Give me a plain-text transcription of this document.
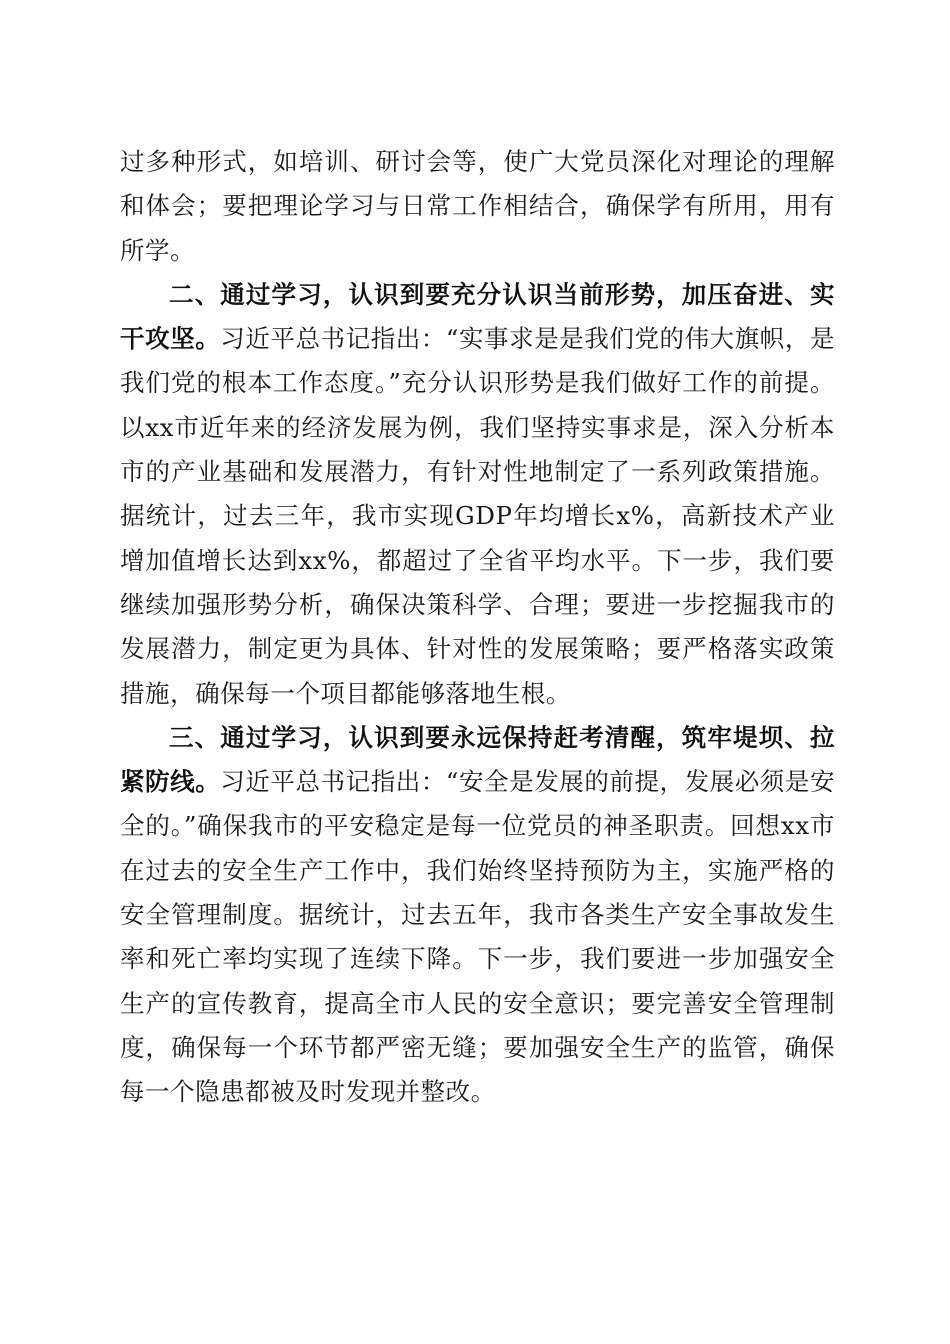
过多种形式，如培训、研讨会等，使广大党员深化对理论的理解和体会；要把理论学习与日常工作相结合，确保学有所用，用有所学。

二、通过学习，认识到要充分认识当前形势，加压奋进、实干攻坚。习近平总书记指出：“实事求是是我们党的伟大旗帜，是我们党的根本工作态度。”充分认识形势是我们做好工作的前提。以xx市近年来的经济发展为例，我们坚持实事求是，深入分析本市的产业基础和发展潜力，有针对性地制定了一系列政策措施。据统计，过去三年，我市实现GDP年均增长x%，高新技术产业增加值增长达到xx%，都超过了全省平均水平。下一步，我们要继续加强形势分析，确保决策科学、合理；要进一步挖掘我市的发展潜力，制定更为具体、针对性的发展策略；要严格落实政策措施，确保每一个项目都能够落地生根。

三、通过学习，认识到要永远保持赶考清醒，筑牢堤坝、拉紧防线。习近平总书记指出：“安全是发展的前提，发展必须是安全的。”确保我市的平安稳定是每一位党员的神圣职责。回想xx市在过去的安全生产工作中，我们始终坚持预防为主，实施严格的安全管理制度。据统计，过去五年，我市各类生产安全事故发生率和死亡率均实现了连续下降。下一步，我们要进一步加强安全生产的宣传教育，提高全市人民的安全意识；要完善安全管理制度，确保每一个环节都严密无缝；要加强安全生产的监管，确保每一个隐患都被及时发现并整改。
